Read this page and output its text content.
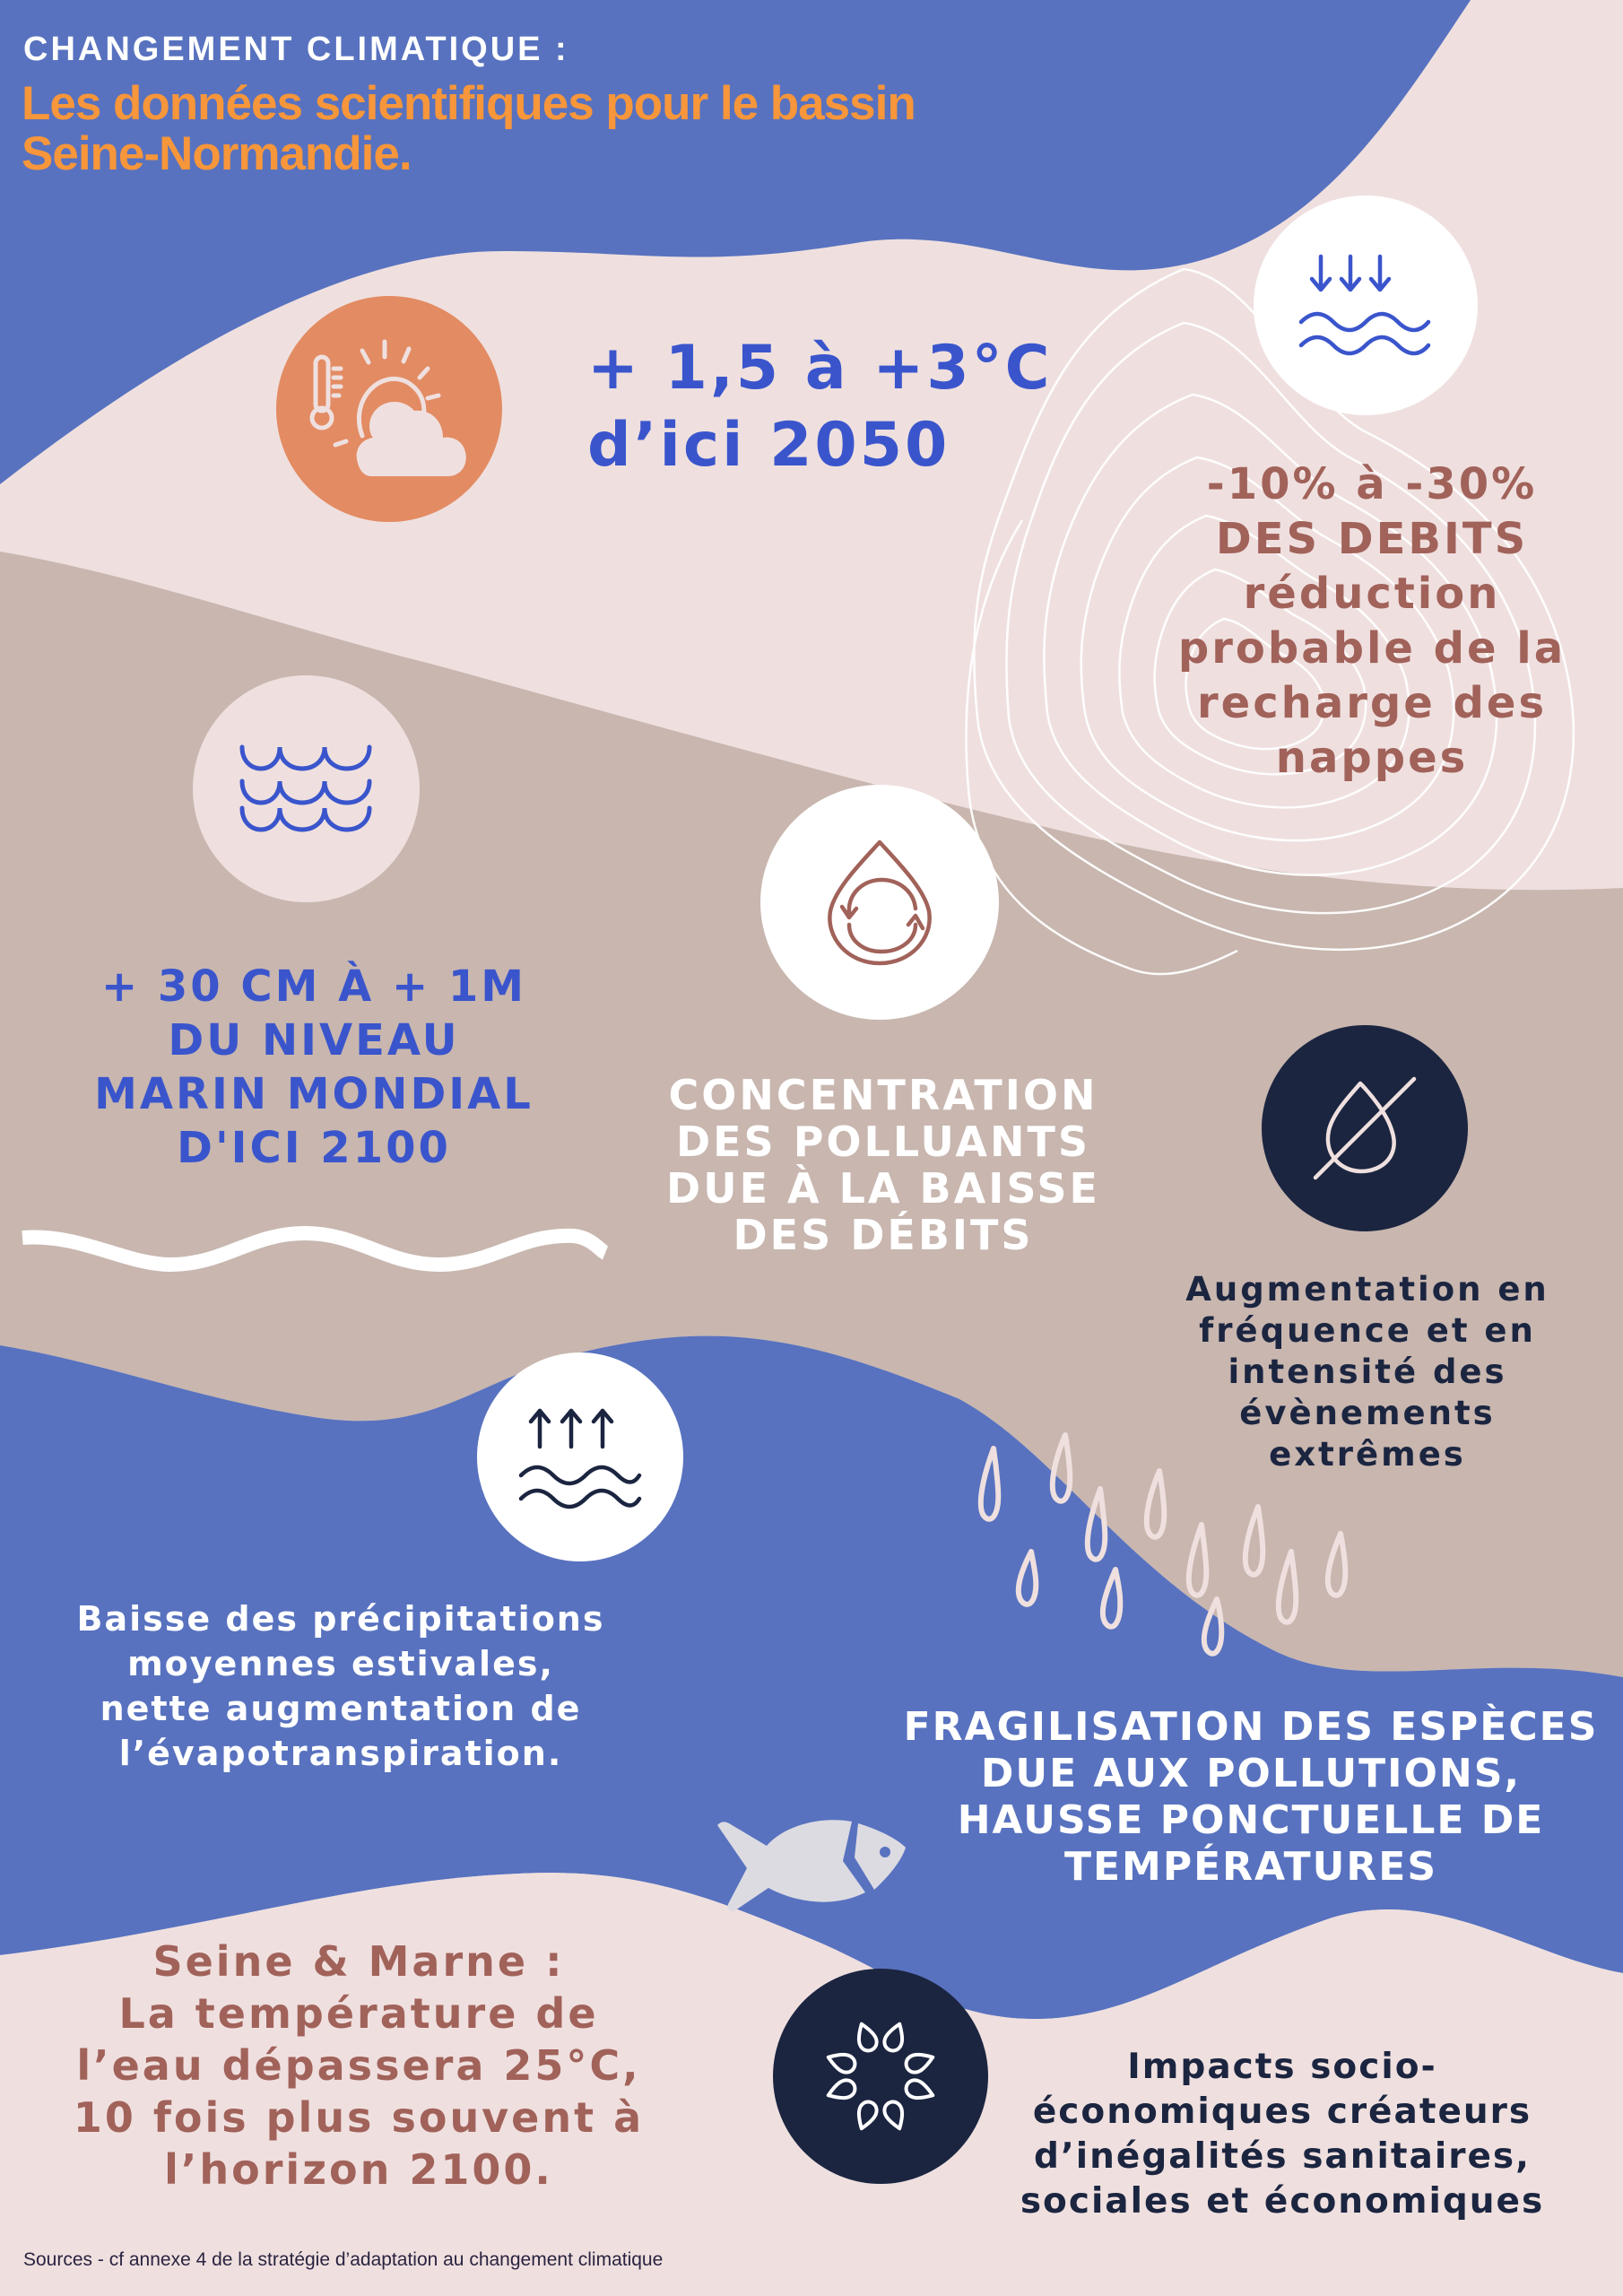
CHANGEMENT CLIMATIQUE :
Les données scientifiques pour le bassin
Seine-Normandie.
+ 1,5 à +3°C
d’ici 2050
-10% à -30%
DES DEBITS
réduction
probable de la
recharge des
nappes
+ 30 CM À + 1M
DU NIVEAU
MARIN MONDIAL
D'ICI 2100
CONCENTRATION
DES POLLUANTS
DUE À LA BAISSE
DES DÉBITS
Augmentation en
fréquence et en
intensité des
évènements
extrêmes
Baisse des précipitations
moyennes estivales,
nette augmentation de
l’évapotranspiration.
FRAGILISATION DES ESPÈCES
DUE AUX POLLUTIONS,
HAUSSE PONCTUELLE DE
TEMPÉRATURES
Seine & Marne :
La température de
l’eau dépassera 25°C,
10 fois plus souvent à
l’horizon 2100.
Impacts socio-
économiques créateurs
d’inégalités sanitaires,
sociales et économiques
Sources - cf annexe 4 de la stratégie d’adaptation au changement climatique
